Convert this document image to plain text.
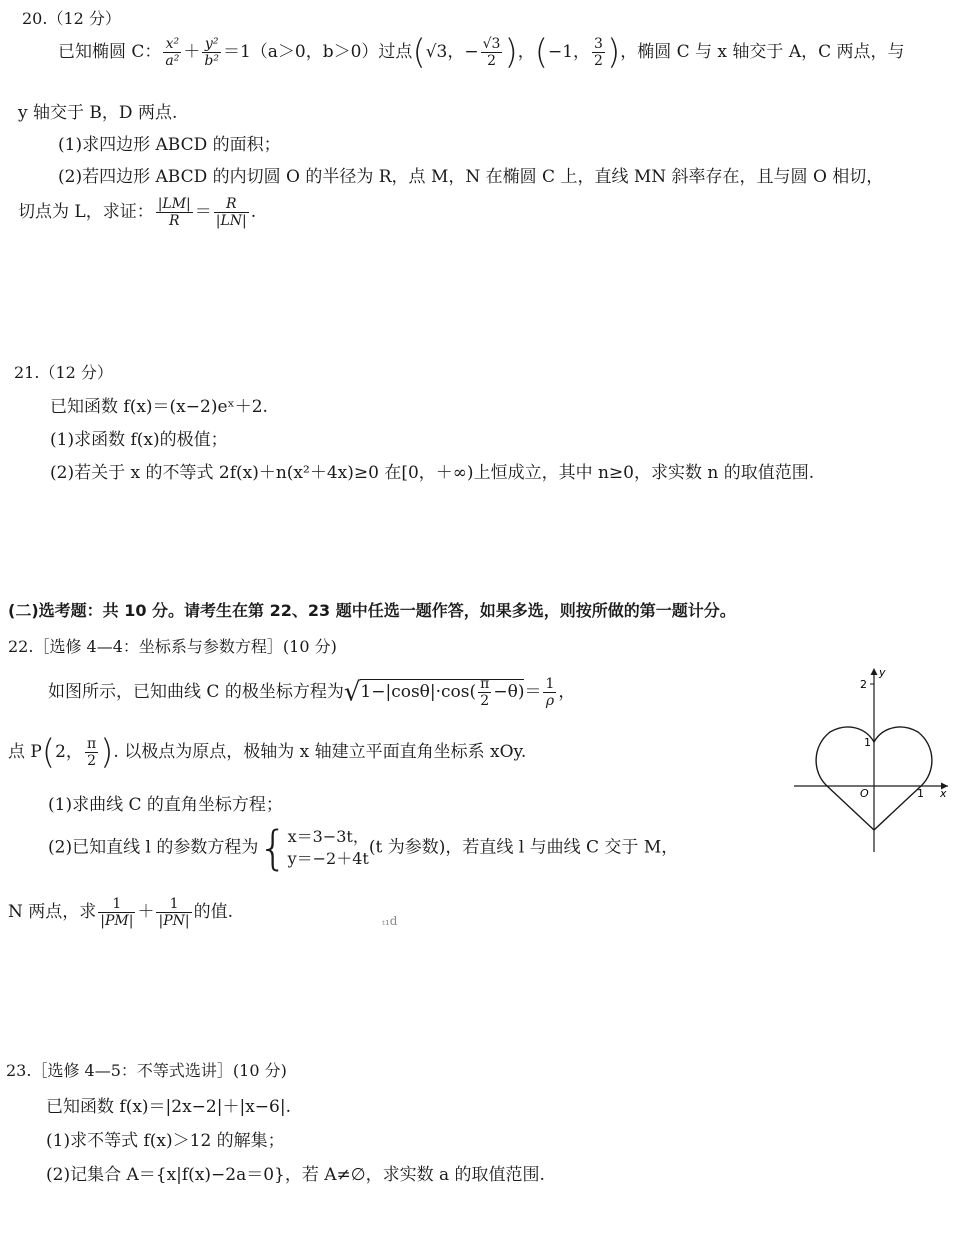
20.（12 分）
已知椭圆 C： $\frac{\text{x²}}{\text{a²}} + \frac{\text{y²}}{\text{b²}} =1(a>0$，b＞0）过点(√3，− $\frac{√3}{2}$ )，(−1， $\frac{3}{2}$ )，椭圆 C 与 x 轴交于 A，C 两点，与
y 轴交于 B，D 两点.
(1)求四边形 ABCD 的面积；
(2)若四边形 ABCD 的内切圆 O 的半径为 R，点 M，N 在椭圆 C 上，直线 MN 斜率存在，且与圆 O 相切，
切点为 L，求证： $\frac{|LM|}{R} = \frac{R}{|LN|}$ .
21.（12 分）
已知函数 f(x)＝(x−2)eˣ＋2.
(1)求函数 f(x)的极值；
(2)若关于 x 的不等式 2f(x)＋n(x²＋4x)≥0 在[0，＋∞)上恒成立，其中 n≥0，求实数 n 的取值范围.
(二)选考题：共 10 分。请考生在第 22、23 题中任选一题作答，如果多选，则按所做的第一题计分。
22.［选修 4—4：坐标系与参数方程］(10 分)
如图所示，已知曲线 C 的极坐标方程为$√1-|\cos\theta|\cdot\cos( \frac{\pi}{2} -\theta)= \frac{1}{\rho}$ ，
点 P(2， $\frac{\pi}{2}$ ). 以极点为原点，极轴为 x 轴建立平面直角坐标系 xOy.
(1)求曲线 C 的直角坐标方程；
(2)已知直线 l 的参数方程为{ x＝3−3t，
y＝−2＋4t
(t 为参数)，若直线 l 与曲线 C 交于 M，
N 两点，求 $\frac{1}{|PM|} + \frac{1}{|PN|}$ 的值.	ₜ₁d
y
x
2
1
1
O
23.［选修 4—5：不等式选讲］(10 分)
已知函数 f(x)＝|2x−2|＋|x−6|.
(1)求不等式 f(x)＞12 的解集；
(2)记集合 A＝{x|f(x)−2a＝0}，若 A≠∅，求实数 a 的取值范围.
